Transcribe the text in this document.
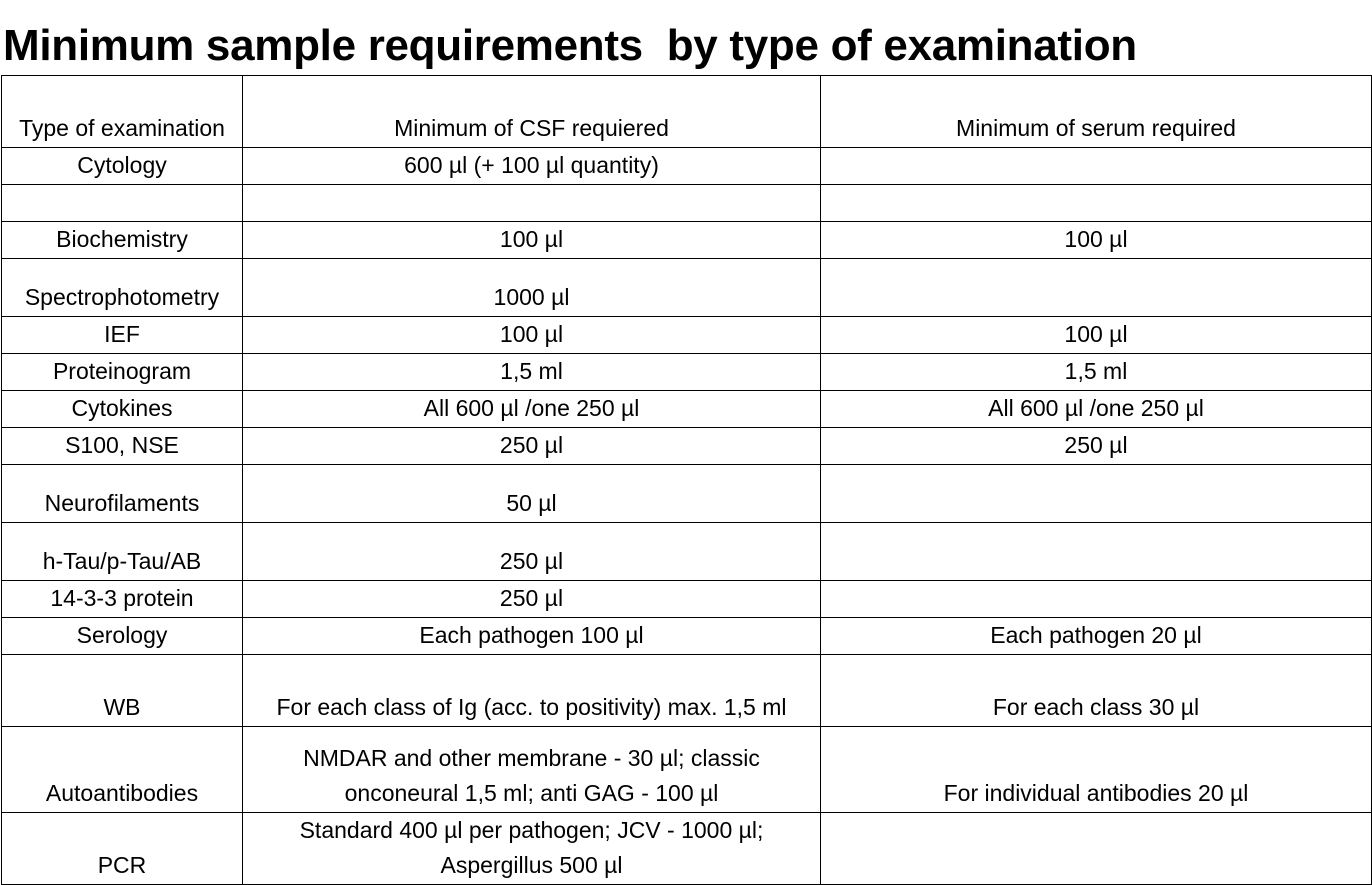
Minimum sample requirements  by type of examination
Type of examination	Minimum of CSF requiered	Minimum of serum required
Cytology	600 µl (+ 100 µl quantity)	

Biochemistry	100 µl	100 µl
Spectrophotometry	1000 µl	
IEF	100 µl	100 µl
Proteinogram	1,5 ml	1,5 ml
Cytokines	All 600 µl /one 250 µl	All 600 µl /one 250 µl
S100, NSE	250 µl	250 µl
Neurofilaments	50 µl	
h-Tau/p-Tau/AB	250 µl	
14-3-3 protein	250 µl	
Serology	Each pathogen 100 µl	Each pathogen 20 µl
WB	For each class of Ig (acc. to positivity) max. 1,5 ml	For each class 30 µl
Autoantibodies	NMDAR and other membrane - 30 µl; classic onconeural 1,5 ml; anti GAG - 100 µl	For individual antibodies 20 µl
PCR	Standard 400 µl per pathogen; JCV - 1000 µl; Aspergillus 500 µl	
